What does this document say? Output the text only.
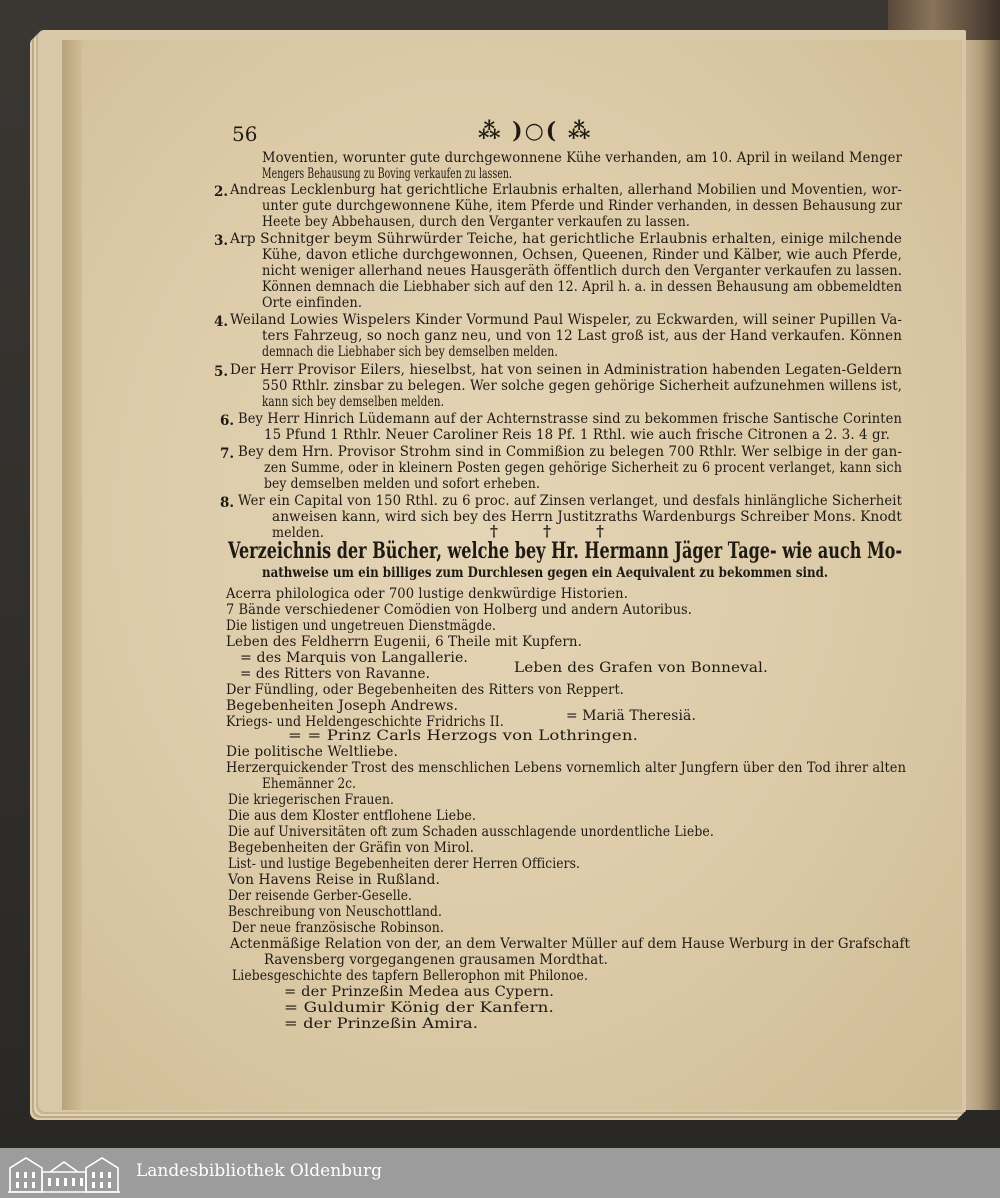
56	⁂ )○( ⁂
Moventien, worunter gute durchgewonnene Kühe verhanden, am 10. April in weiland Menger
Mengers Behausung zu Boving verkaufen zu lassen.
2. Andreas Lecklenburg hat gerichtliche Erlaubnis erhalten, allerhand Mobilien und Moventien, wor-
unter gute durchgewonnene Kühe, item Pferde und Rinder verhanden, in dessen Behausung zur
Heete bey Abbehausen, durch den Verganter verkaufen zu lassen.
3. Arp Schnitger beym Sührwürder Teiche, hat gerichtliche Erlaubnis erhalten, einige milchende
Kühe, davon etliche durchgewonnen, Ochsen, Queenen, Rinder und Kälber, wie auch Pferde,
nicht weniger allerhand neues Hausgeräth öffentlich durch den Verganter verkaufen zu lassen.
Können demnach die Liebhaber sich auf den 12. April h. a. in dessen Behausung am obbemeldten
Orte einfinden.
4. Weiland Lowies Wispelers Kinder Vormund Paul Wispeler, zu Eckwarden, will seiner Pupillen Va-
ters Fahrzeug, so noch ganz neu, und von 12 Last groß ist, aus der Hand verkaufen. Können
demnach die Liebhaber sich bey demselben melden.
5. Der Herr Provisor Eilers, hieselbst, hat von seinen in Administration habenden Legaten-Geldern
550 Rthlr. zinsbar zu belegen. Wer solche gegen gehörige Sicherheit aufzunehmen willens ist,
kann sich bey demselben melden.
6. Bey Herr Hinrich Lüdemann auf der Achternstrasse sind zu bekommen frische Santische Corinten
15 Pfund 1 Rthlr. Neuer Caroliner Reis 18 Pf. 1 Rthl. wie auch frische Citronen a 2. 3. 4 gr.
7. Bey dem Hrn. Provisor Strohm sind in Commißion zu belegen 700 Rthlr. Wer selbige in der gan-
zen Summe, oder in kleinern Posten gegen gehörige Sicherheit zu 6 procent verlanget, kann sich
bey demselben melden und sofort erheben.
8. Wer ein Capital von 150 Rthl. zu 6 proc. auf Zinsen verlanget, und desfals hinlängliche Sicherheit
anweisen kann, wird sich bey des Herrn Justitzraths Wardenburgs Schreiber Mons. Knodt
melden.	† † †
Verzeichnis der Bücher, welche bey Hr. Hermann Jäger Tage- wie auch Mo-
nathweise um ein billiges zum Durchlesen gegen ein Aequivalent zu bekommen sind.
Acerra philologica oder 700 lustige denkwürdige Historien.
7 Bände verschiedener Comödien von Holberg und andern Autoribus.
Die listigen und ungetreuen Dienstmägde.
Leben des Feldherrn Eugenii, 6 Theile mit Kupfern.
= des Marquis von Langallerie.
= des Ritters von Ravanne.	Leben des Grafen von Bonneval.
Der Fündling, oder Begebenheiten des Ritters von Reppert.
Begebenheiten Joseph Andrews.
Kriegs- und Heldengeschichte Fridrichs II.	= Mariä Theresiä.
= = Prinz Carls Herzogs von Lothringen.
Die politische Weltliebe.
Herzerquickender Trost des menschlichen Lebens vornemlich alter Jungfern über den Tod ihrer alten
Ehemänner 2c.
Die kriegerischen Frauen.
Die aus dem Kloster entflohene Liebe.
Die auf Universitäten oft zum Schaden ausschlagende unordentliche Liebe.
Begebenheiten der Gräfin von Mirol.
List- und lustige Begebenheiten derer Herren Officiers.
Von Havens Reise in Rußland.
Der reisende Gerber-Geselle.
Beschreibung von Neuschottland.
Der neue französische Robinson.
Actenmäßige Relation von der, an dem Verwalter Müller auf dem Hause Werburg in der Grafschaft
Ravensberg vorgegangenen grausamen Mordthat.
Liebesgeschichte des tapfern Bellerophon mit Philonoe.
= der Prinzeßin Medea aus Cypern.
= Guldumir König der Kanfern.
= der Prinzeßin Amira.
Landesbibliothek Oldenburg
